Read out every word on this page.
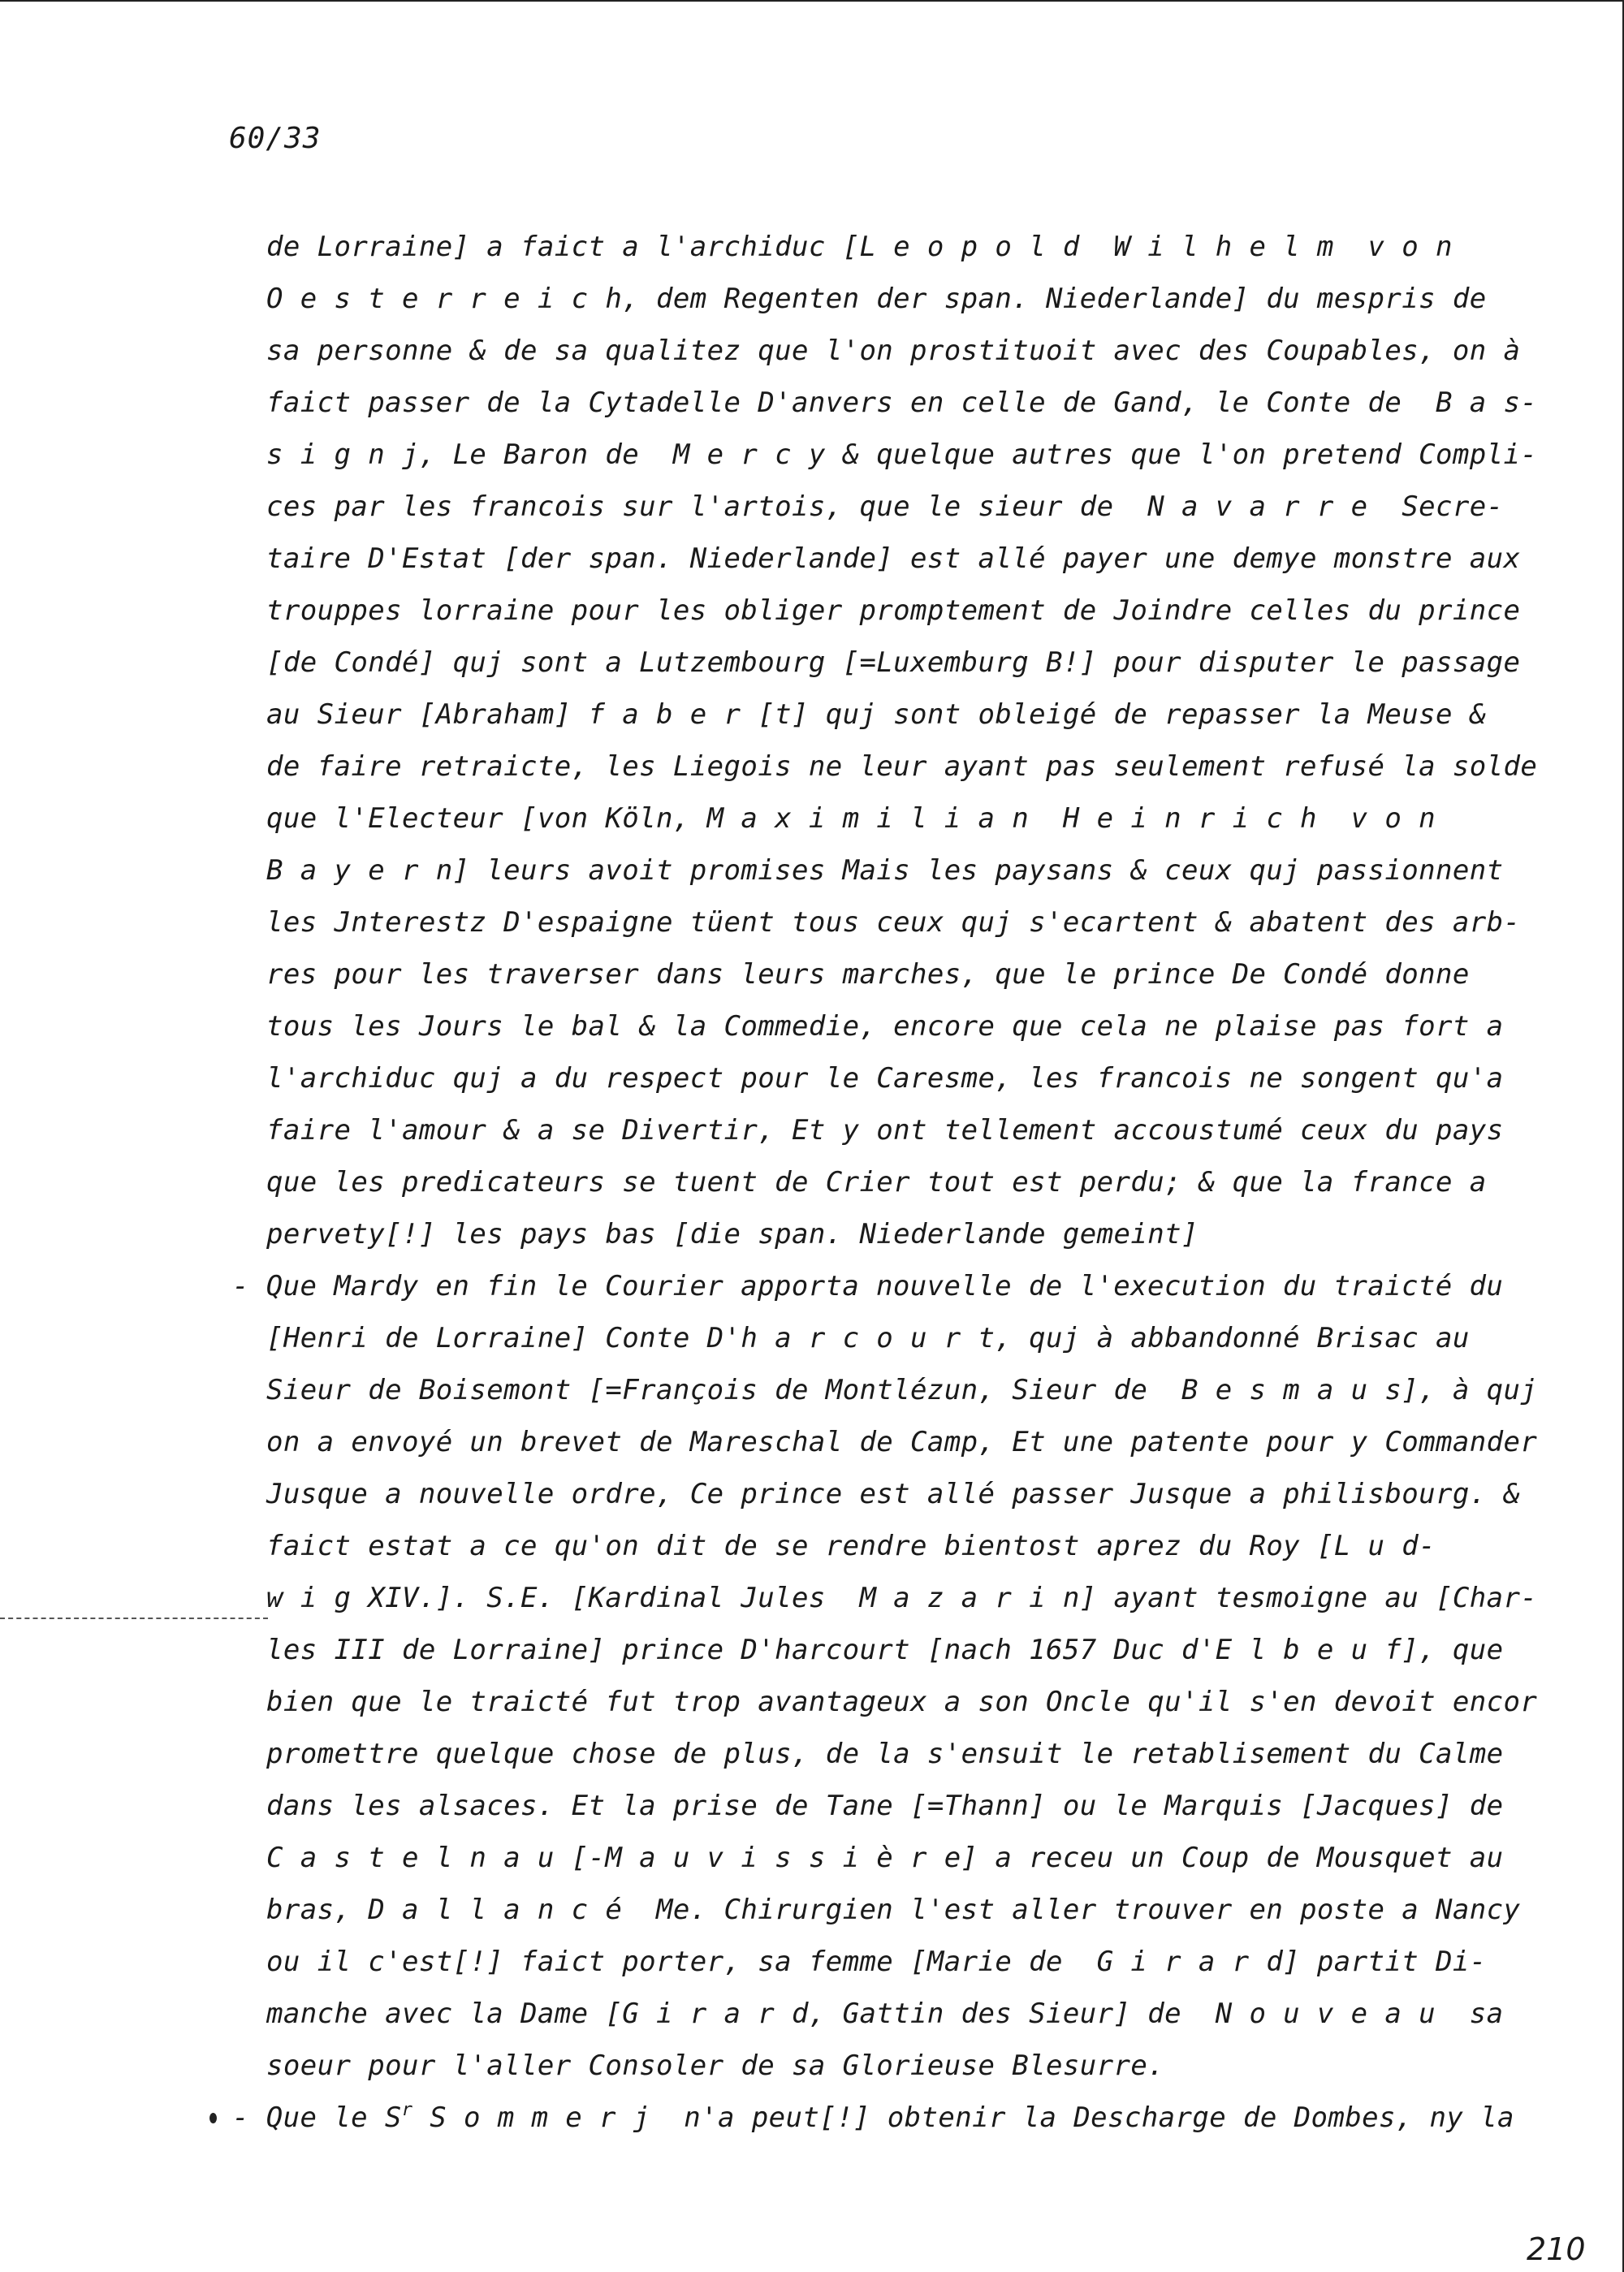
60/33
de Lorraine] a faict a l'archiduc [L e o p o l d  W i l h e l m  v o n
O e s t e r r e i c h, dem Regenten der span. Niederlande] du mespris de
sa personne & de sa qualitez que l'on prostituoit avec des Coupables, on à
faict passer de la Cytadelle D'anvers en celle de Gand, le Conte de  B a s-
s i g n j, Le Baron de  M e r c y & quelque autres que l'on pretend Compli-
ces par les francois sur l'artois, que le sieur de  N a v a r r e  Secre-
taire D'Estat [der span. Niederlande] est allé payer une demye monstre aux
trouppes lorraine pour les obliger promptement de Joindre celles du prince
[de Condé] quj sont a Lutzembourg [=Luxemburg B!] pour disputer le passage
au Sieur [Abraham] f a b e r [t] quj sont obleigé de repasser la Meuse &
de faire retraicte, les Liegois ne leur ayant pas seulement refusé la solde
que l'Electeur [von Köln, M a x i m i l i a n  H e i n r i c h  v o n
B a y e r n] leurs avoit promises Mais les paysans & ceux quj passionnent
les Jnterestz D'espaigne tüent tous ceux quj s'ecartent & abatent des arb-
res pour les traverser dans leurs marches, que le prince De Condé donne
tous les Jours le bal & la Commedie, encore que cela ne plaise pas fort a
l'archiduc quj a du respect pour le Caresme, les francois ne songent qu'a
faire l'amour & a se Divertir, Et y ont tellement accoustumé ceux du pays
que les predicateurs se tuent de Crier tout est perdu; & que la france a
pervety[!] les pays bas [die span. Niederlande gemeint]
- Que Mardy en fin le Courier apporta nouvelle de l'execution du traicté du
[Henri de Lorraine] Conte D'h a r c o u r t, quj à abbandonné Brisac au
Sieur de Boisemont [=François de Montlézun, Sieur de  B e s m a u s], à quj
on a envoyé un brevet de Mareschal de Camp, Et une patente pour y Commander
Jusque a nouvelle ordre, Ce prince est allé passer Jusque a philisbourg. &
faict estat a ce qu'on dit de se rendre bientost aprez du Roy [L u d-
w i g XIV.]. S.E. [Kardinal Jules  M a z a r i n] ayant tesmoigne au [Char-
les III de Lorraine] prince D'harcourt [nach 1657 Duc d'E l b e u f], que
bien que le traicté fut trop avantageux a son Oncle qu'il s'en devoit encor
promettre quelque chose de plus, de la s'ensuit le retablisement du Calme
dans les alsaces. Et la prise de Tane [=Thann] ou le Marquis [Jacques] de
C a s t e l n a u [-M a u v i s s i è r e] a receu un Coup de Mousquet au
bras, D a l l a n c é  Me. Chirurgien l'est aller trouver en poste a Nancy
ou il c'est[!] faict porter, sa femme [Marie de  G i r a r d] partit Di-
manche avec la Dame [G i r a r d, Gattin des Sieur] de  N o u v e a u  sa
soeur pour l'aller Consoler de sa Glorieuse Blesurre.
- Que le $S^r$ S o m m e r j  n'a peut[!] obtenir la Descharge de Dombes, ny la
210
